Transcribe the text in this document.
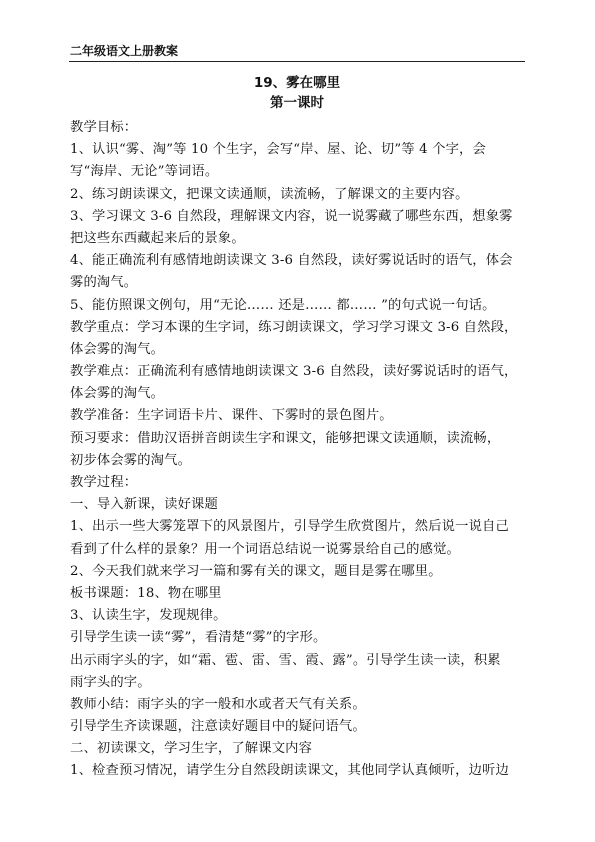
二年级语文上册教案
19、雾在哪里
第一课时
教学目标：
1、认识“雾、淘”等 10 个生字，会写“岸、屋、论、切”等 4 个字，会
写“海岸、无论”等词语。
2、练习朗读课文，把课文读通顺，读流畅，了解课文的主要内容。
3、学习课文 3-6 自然段，理解课文内容，说一说雾藏了哪些东西，想象雾
把这些东西藏起来后的景象。
4、能正确流利有感情地朗读课文 3-6 自然段，读好雾说话时的语气，体会
雾的淘气。
5、能仿照课文例句，用“无论…… 还是…… 都…… ”的句式说一句话。
教学重点：学习本课的生字词，练习朗读课文，学习学习课文 3-6 自然段，
体会雾的淘气。
教学难点：正确流利有感情地朗读课文 3-6 自然段，读好雾说话时的语气，
体会雾的淘气。
教学准备：生字词语卡片、课件、下雾时的景色图片。
预习要求：借助汉语拼音朗读生字和课文，能够把课文读通顺，读流畅，
初步体会雾的淘气。
教学过程：
一、导入新课，读好课题
1、出示一些大雾笼罩下的风景图片，引导学生欣赏图片，然后说一说自己
看到了什么样的景象？用一个词语总结说一说雾景给自己的感觉。
2、今天我们就来学习一篇和雾有关的课文，题目是雾在哪里。
板书课题：18、物在哪里
3、认读生字，发现规律。
引导学生读一读“雾”，看清楚“雾”的字形。
出示雨字头的字，如“霜、雹、雷、雪、霞、露”。引导学生读一读，积累
雨字头的字。
教师小结：雨字头的字一般和水或者天气有关系。
引导学生齐读课题，注意读好题目中的疑问语气。
二、初读课文，学习生字，了解课文内容
1、检查预习情况，请学生分自然段朗读课文，其他同学认真倾听，边听边
